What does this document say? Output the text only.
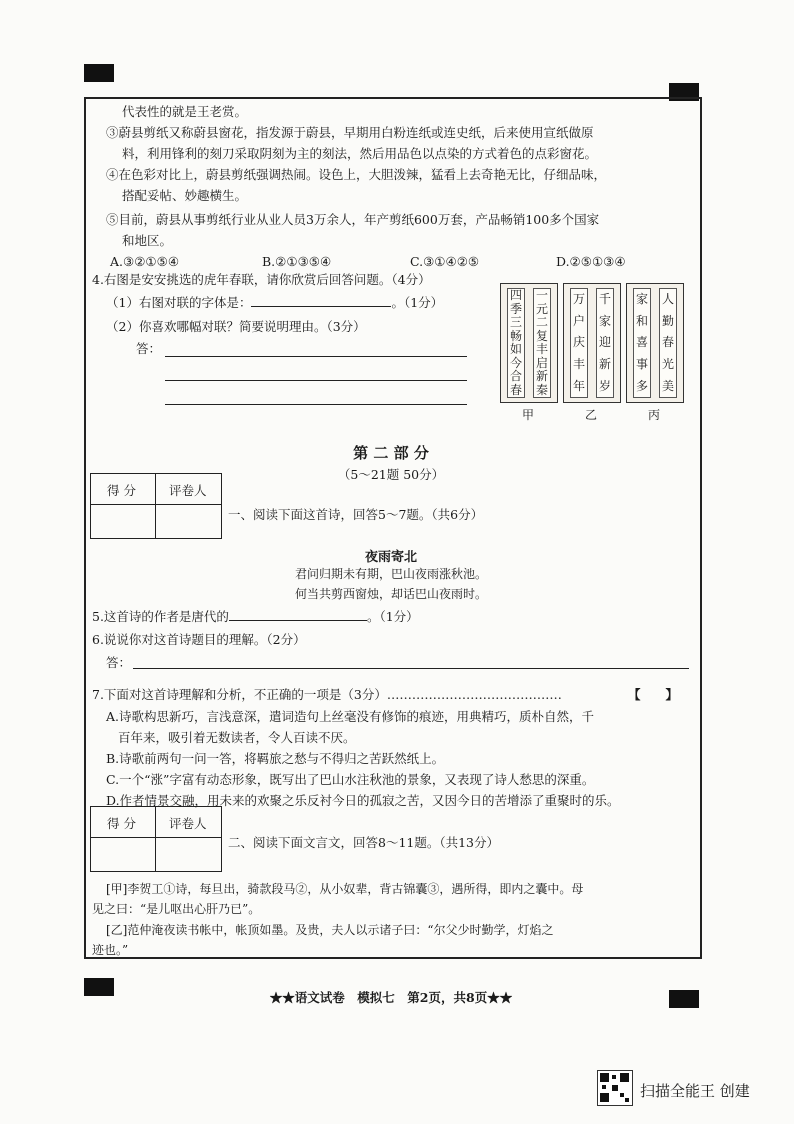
代表性的就是王老赏。
③蔚县剪纸又称蔚县窗花，指发源于蔚县，早期用白粉连纸或连史纸，后来使用宣纸做原
料，利用锋利的刻刀采取阴刻为主的刻法，然后用品色以点染的方式着色的点彩窗花。
④在色彩对比上，蔚县剪纸强调热闹。设色上，大胆泼辣，猛看上去奇艳无比，仔细品味，
搭配妥帖、妙趣横生。
⑤目前，蔚县从事剪纸行业从业人员3万余人，年产剪纸600万套，产品畅销100多个国家
和地区。
A.③②①⑤④	B.②①③⑤④	C.③①④②⑤	D.②⑤①③④
4.右图是安安挑选的虎年春联，请你欣赏后回答问题。（4分）
（1）右图对联的字体是：	。（1分）
（2）你喜欢哪幅对联？简要说明理由。（3分）
答：
四
季
三
畅
如
今
合
春
一
元
二
复
丰
启
新
秦
万
户
庆
丰
年
千
家
迎
新
岁
家
和
喜
事
多
人
勤
春
光
美
甲	乙	丙
第 二 部 分
（5～21题 50分）
得 分	评卷人
一、阅读下面这首诗，回答5～7题。（共6分）
夜雨寄北
君问归期未有期，巴山夜雨涨秋池。
何当共剪西窗烛，却话巴山夜雨时。
5.这首诗的作者是唐代的	。（1分）
6.说说你对这首诗题目的理解。（2分）
答：
7.下面对这首诗理解和分析，不正确的一项是（3分）……………………………………	【　　】
A.诗歌构思新巧，言浅意深，遣词造句上丝毫没有修饰的痕迹，用典精巧，质朴自然，千
百年来，吸引着无数读者，令人百读不厌。
B.诗歌前两句一问一答，将羁旅之愁与不得归之苦跃然纸上。
C.一个“涨”字富有动态形象，既写出了巴山水注秋池的景象，又表现了诗人愁思的深重。
D.作者情景交融，用未来的欢聚之乐反衬今日的孤寂之苦，又因今日的苦增添了重聚时的乐。
得 分	评卷人
二、阅读下面文言文，回答8～11题。（共13分）
[甲]李贺工①诗，每旦出，骑款段马②，从小奴辈，背古锦囊③，遇所得，即内之囊中。母
见之曰：“是儿呕出心肝乃已”。
[乙]范仲淹夜读书帐中，帐顶如墨。及贵，夫人以示诸子曰：“尔父少时勤学，灯焰之
迹也。”
★★语文试卷　模拟七　第2页，共8页★★
扫描全能王 创建
